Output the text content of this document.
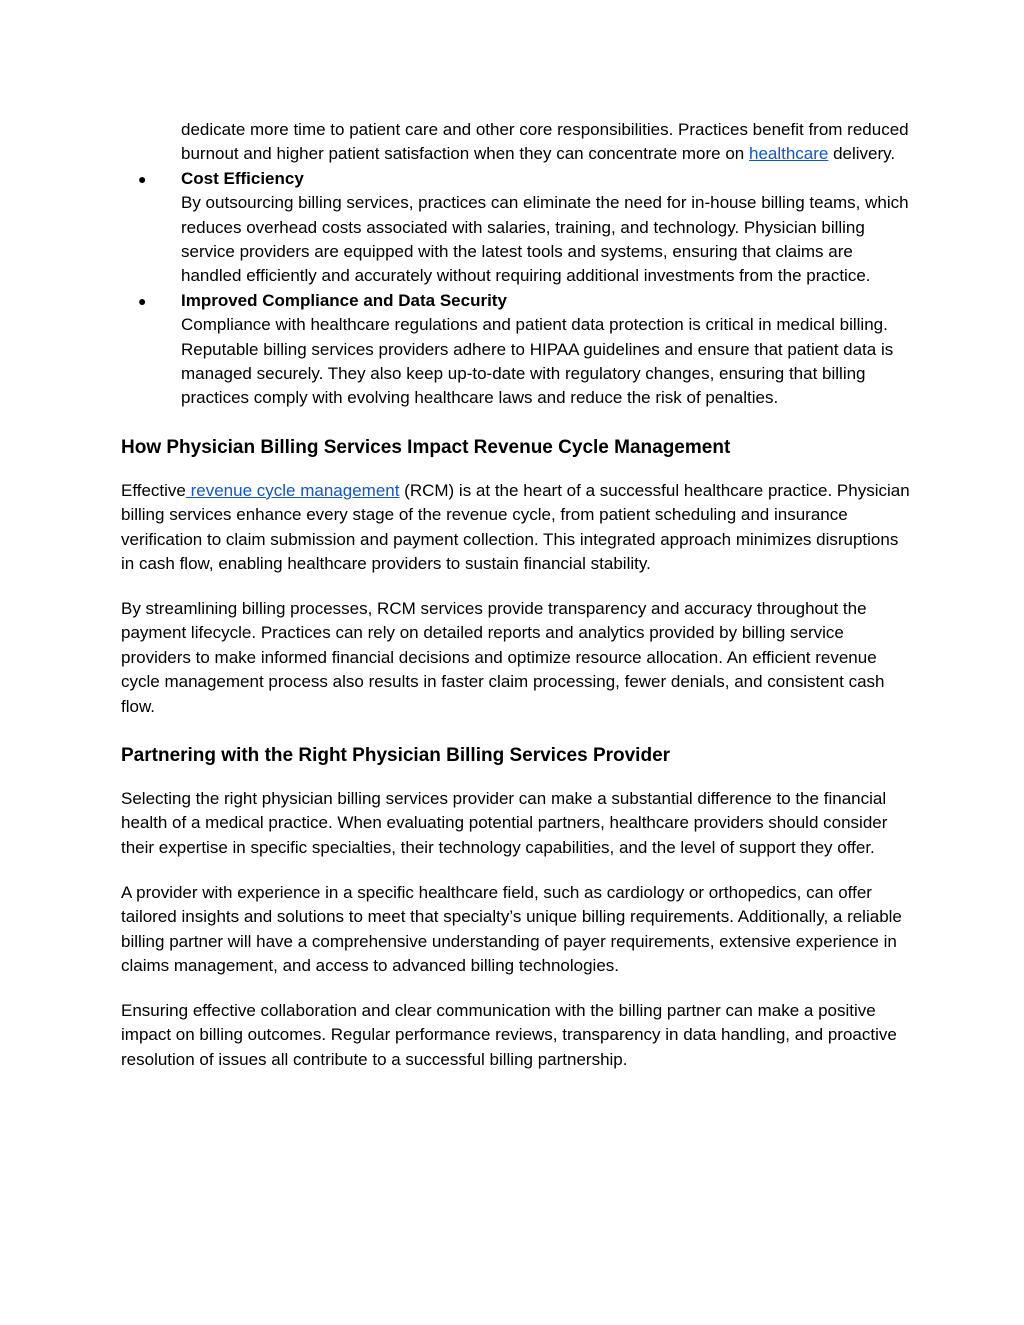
dedicate more time to patient care and other core responsibilities. Practices benefit from reduced burnout and higher patient satisfaction when they can concentrate more on healthcare delivery.

● Cost Efficiency
By outsourcing billing services, practices can eliminate the need for in-house billing teams, which reduces overhead costs associated with salaries, training, and technology. Physician billing service providers are equipped with the latest tools and systems, ensuring that claims are handled efficiently and accurately without requiring additional investments from the practice.
● Improved Compliance and Data Security
Compliance with healthcare regulations and patient data protection is critical in medical billing. Reputable billing services providers adhere to HIPAA guidelines and ensure that patient data is managed securely. They also keep up-to-date with regulatory changes, ensuring that billing practices comply with evolving healthcare laws and reduce the risk of penalties.
How Physician Billing Services Impact Revenue Cycle Management

Effective revenue cycle management (RCM) is at the heart of a successful healthcare practice. Physician billing services enhance every stage of the revenue cycle, from patient scheduling and insurance verification to claim submission and payment collection. This integrated approach minimizes disruptions in cash flow, enabling healthcare providers to sustain financial stability.

By streamlining billing processes, RCM services provide transparency and accuracy throughout the payment lifecycle. Practices can rely on detailed reports and analytics provided by billing service providers to make informed financial decisions and optimize resource allocation. An efficient revenue cycle management process also results in faster claim processing, fewer denials, and consistent cash flow.

Partnering with the Right Physician Billing Services Provider

Selecting the right physician billing services provider can make a substantial difference to the financial health of a medical practice. When evaluating potential partners, healthcare providers should consider their expertise in specific specialties, their technology capabilities, and the level of support they offer.

A provider with experience in a specific healthcare field, such as cardiology or orthopedics, can offer tailored insights and solutions to meet that specialty’s unique billing requirements. Additionally, a reliable billing partner will have a comprehensive understanding of payer requirements, extensive experience in claims management, and access to advanced billing technologies.

Ensuring effective collaboration and clear communication with the billing partner can make a positive impact on billing outcomes. Regular performance reviews, transparency in data handling, and proactive resolution of issues all contribute to a successful billing partnership.
